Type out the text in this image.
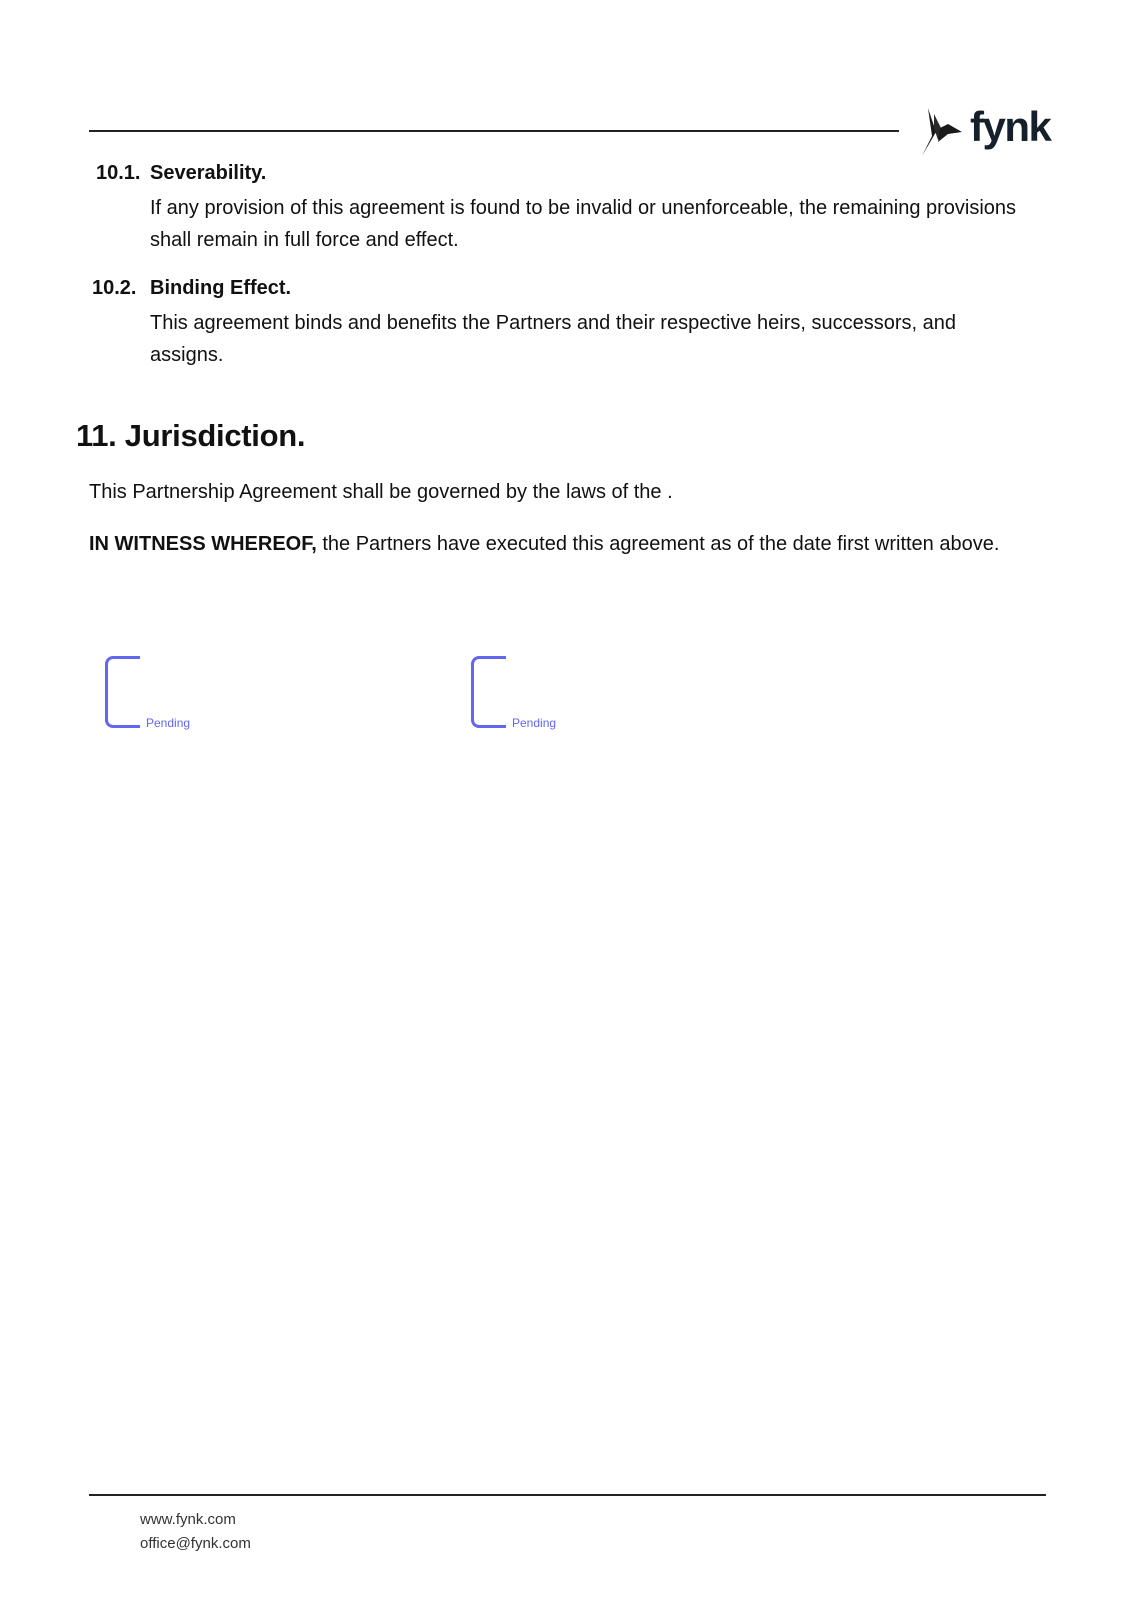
fynk
10.1. Severability.
If any provision of this agreement is found to be invalid or unenforceable, the remaining provisions shall remain in full force and effect.
10.2. Binding Effect.
This agreement binds and benefits the Partners and their respective heirs, successors, and assigns.
11. Jurisdiction.
This Partnership Agreement shall be governed by the laws of the .
IN WITNESS WHEREOF, the Partners have executed this agreement as of the date first written above.
Pending	Pending
www.fynk.com
office@fynk.com
